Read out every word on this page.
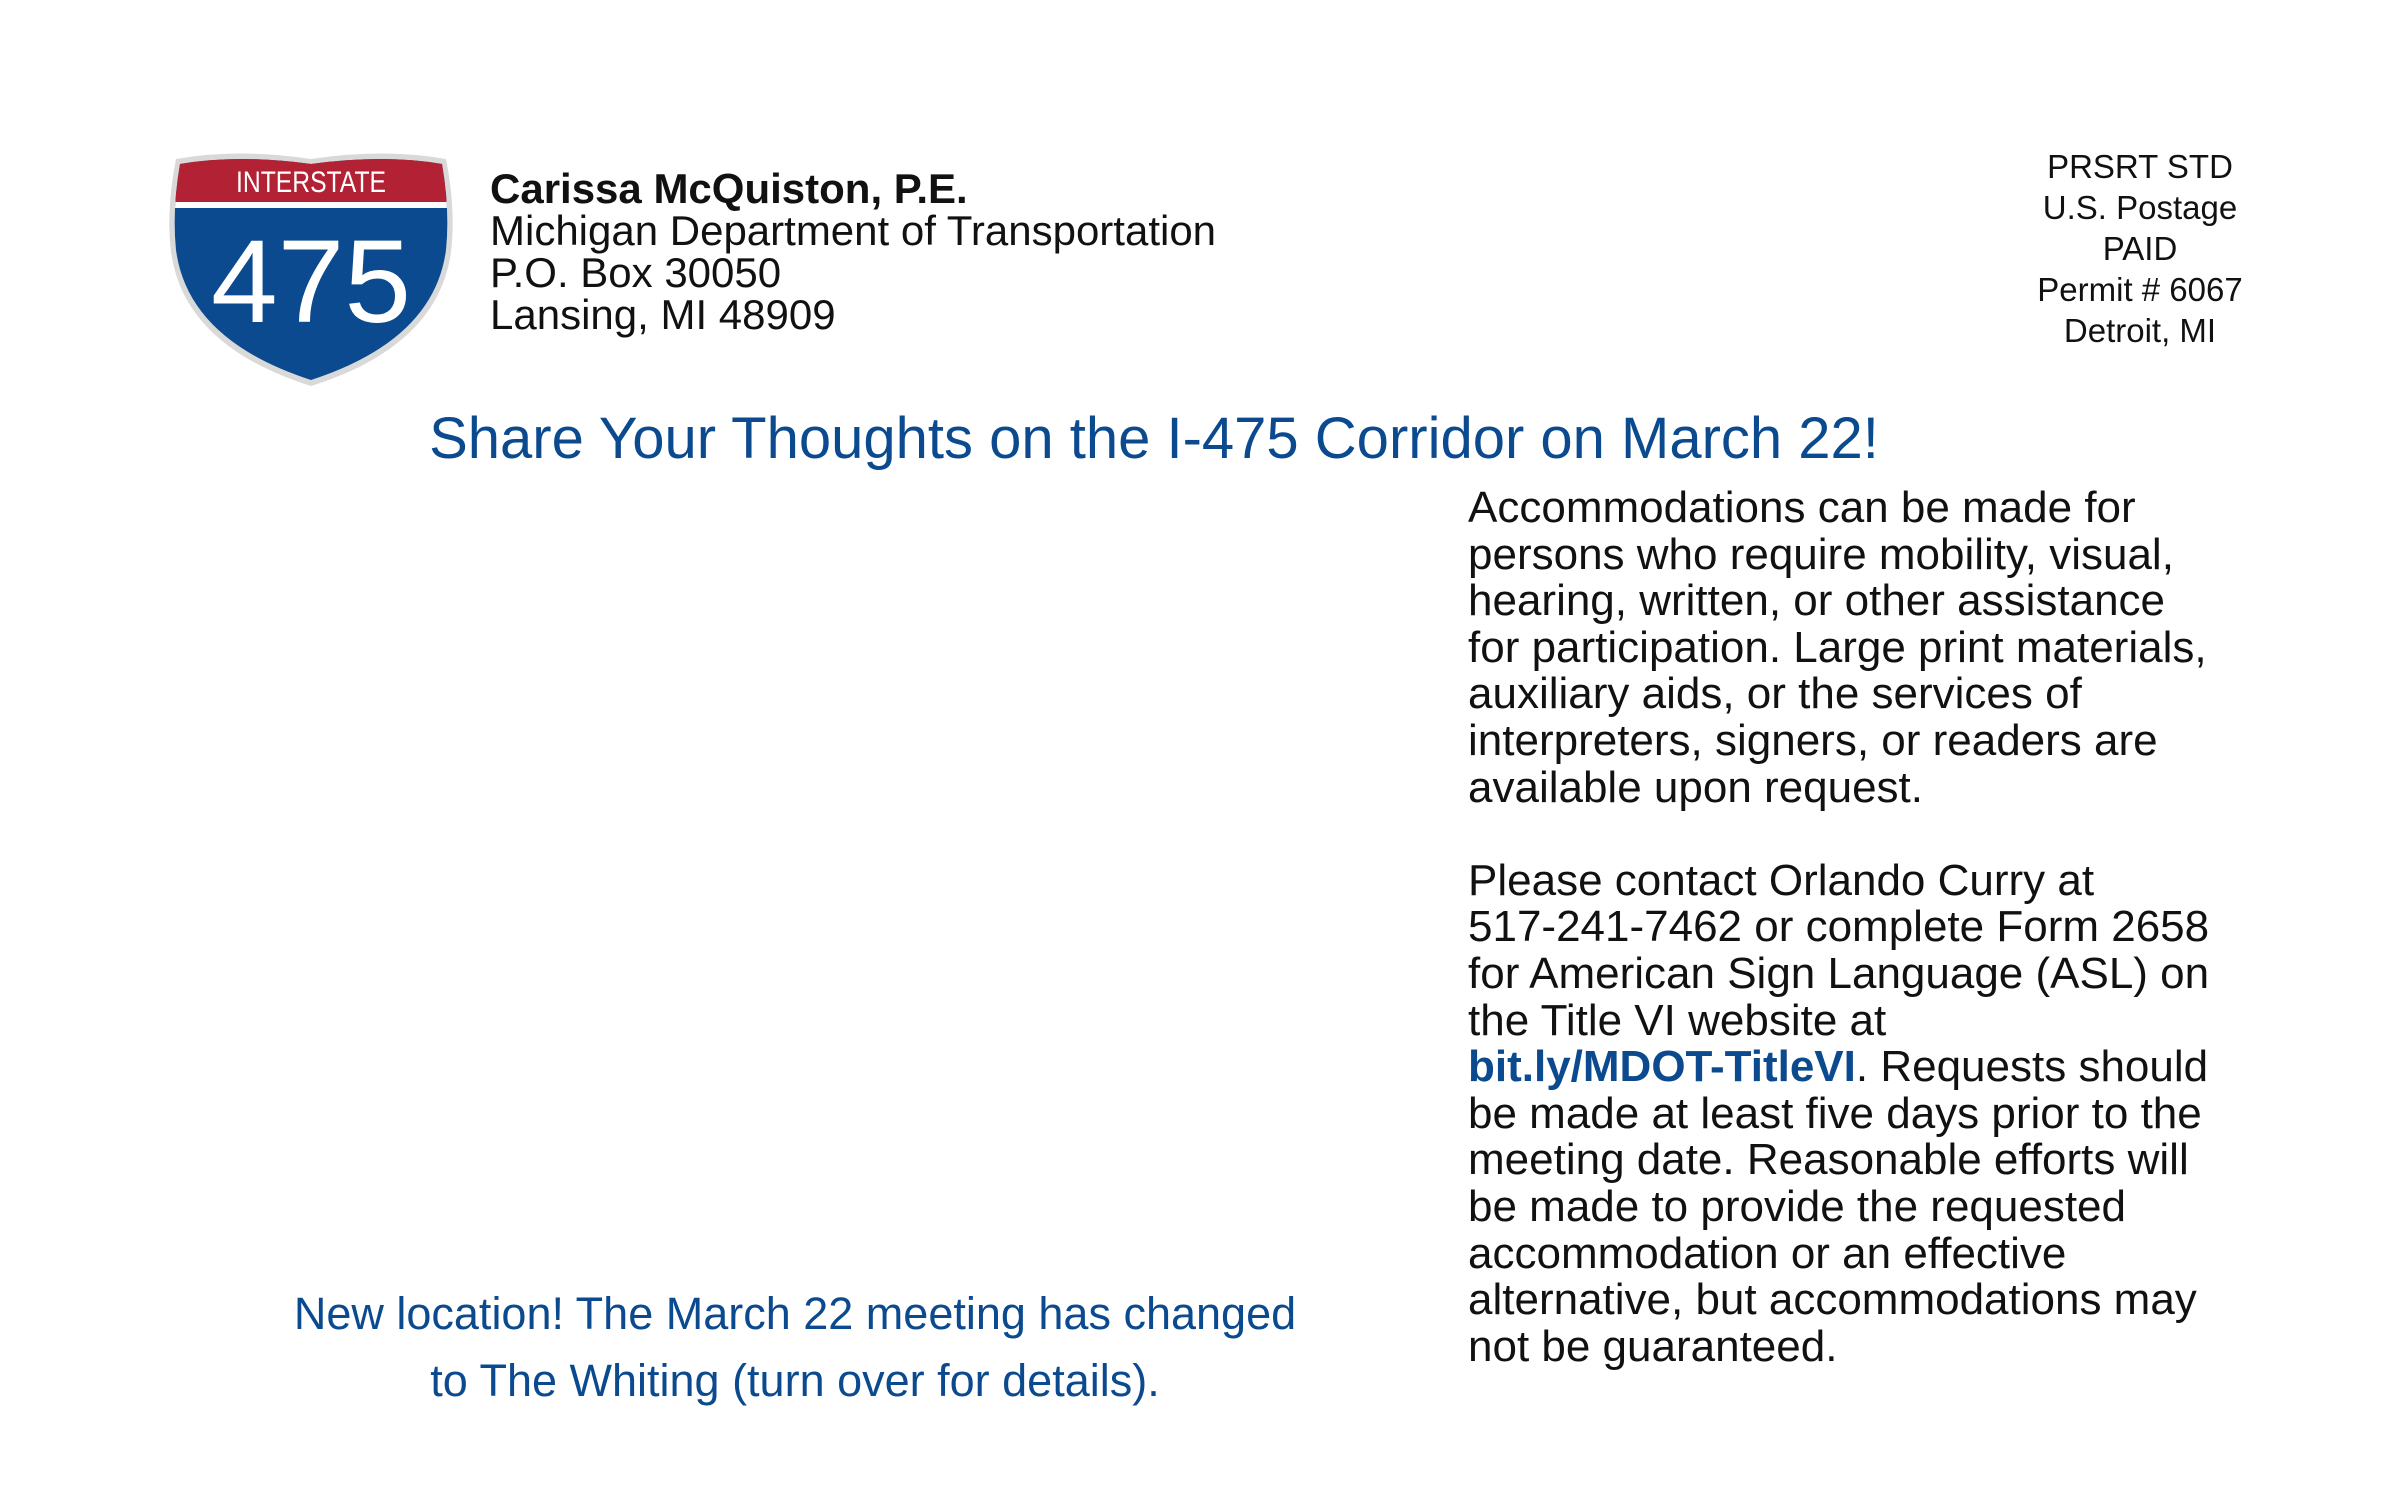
INTERSTATE
475
Carissa McQuiston, P.E.
Michigan Department of Transportation
P.O. Box 30050
Lansing, MI 48909
PRSRT STD
U.S. Postage
PAID
Permit # 6067
Detroit, MI
Share Your Thoughts on the I-475 Corridor on March 22!

Accommodations can be made for
persons who require mobility, visual,
hearing, written, or other assistance
for participation. Large print materials,
auxiliary aids, or the services of
interpreters, signers, or readers are
available upon request.

Please contact Orlando Curry at
517-241-7462 or complete Form 2658
for American Sign Language (ASL) on
the Title VI website at
bit.ly/MDOT-TitleVI. Requests should
be made at least five days prior to the
meeting date. Reasonable efforts will
be made to provide the requested
accommodation or an effective
alternative, but accommodations may
not be guaranteed.

New location! The March 22 meeting has changed
to The Whiting (turn over for details).
